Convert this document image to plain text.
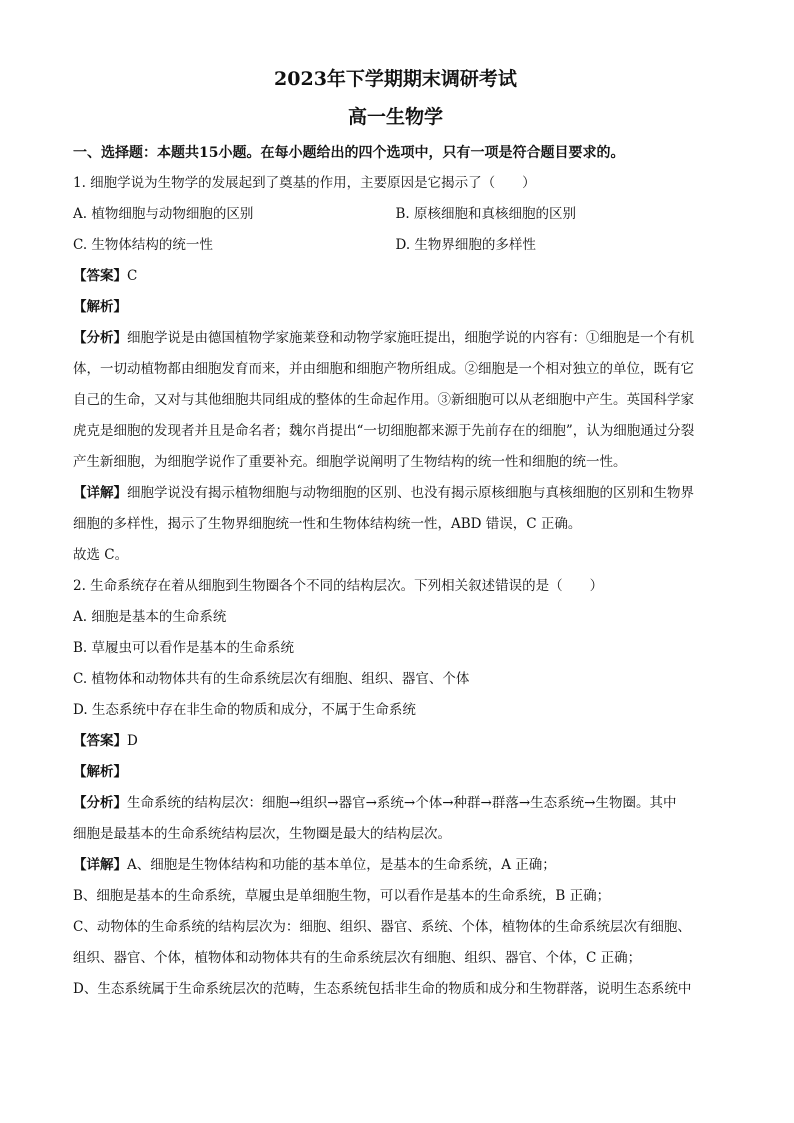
2023年下学期期末调研考试
高一生物学
一、选择题：本题共15小题。在每小题给出的四个选项中，只有一项是符合题目要求的。
1. 细胞学说为生物学的发展起到了奠基的作用，主要原因是它揭示了（　　）
A. 植物细胞与动物细胞的区别	B. 原核细胞和真核细胞的区别
C. 生物体结构的统一性	D. 生物界细胞的多样性
【答案】C
【解析】
【分析】细胞学说是由德国植物学家施莱登和动物学家施旺提出，细胞学说的内容有：①细胞是一个有机
体，一切动植物都由细胞发育而来，并由细胞和细胞产物所组成。②细胞是一个相对独立的单位，既有它
自己的生命，又对与其他细胞共同组成的整体的生命起作用。③新细胞可以从老细胞中产生。英国科学家
虎克是细胞的发现者并且是命名者；魏尔肖提出“一切细胞都来源于先前存在的细胞”，认为细胞通过分裂
产生新细胞，为细胞学说作了重要补充。细胞学说阐明了生物结构的统一性和细胞的统一性。
【详解】细胞学说没有揭示植物细胞与动物细胞的区别、也没有揭示原核细胞与真核细胞的区别和生物界
细胞的多样性，揭示了生物界细胞统一性和生物体结构统一性，ABD 错误，C 正确。
故选 C。
2. 生命系统存在着从细胞到生物圈各个不同的结构层次。下列相关叙述错误的是（　　）
A. 细胞是基本的生命系统
B. 草履虫可以看作是基本的生命系统
C. 植物体和动物体共有的生命系统层次有细胞、组织、器官、个体
D. 生态系统中存在非生命的物质和成分，不属于生命系统
【答案】D
【解析】
【分析】生命系统的结构层次：细胞→组织→器官→系统→个体→种群→群落→生态系统→生物圈。其中
细胞是最基本的生命系统结构层次，生物圈是最大的结构层次。
【详解】A、细胞是生物体结构和功能的基本单位，是基本的生命系统，A 正确；
B、细胞是基本的生命系统，草履虫是单细胞生物，可以看作是基本的生命系统，B 正确；
C、动物体的生命系统的结构层次为：细胞、组织、器官、系统、个体，植物体的生命系统层次有细胞、
组织、器官、个体，植物体和动物体共有的生命系统层次有细胞、组织、器官、个体，C 正确；
D、生态系统属于生命系统层次的范畴，生态系统包括非生命的物质和成分和生物群落，说明生态系统中
